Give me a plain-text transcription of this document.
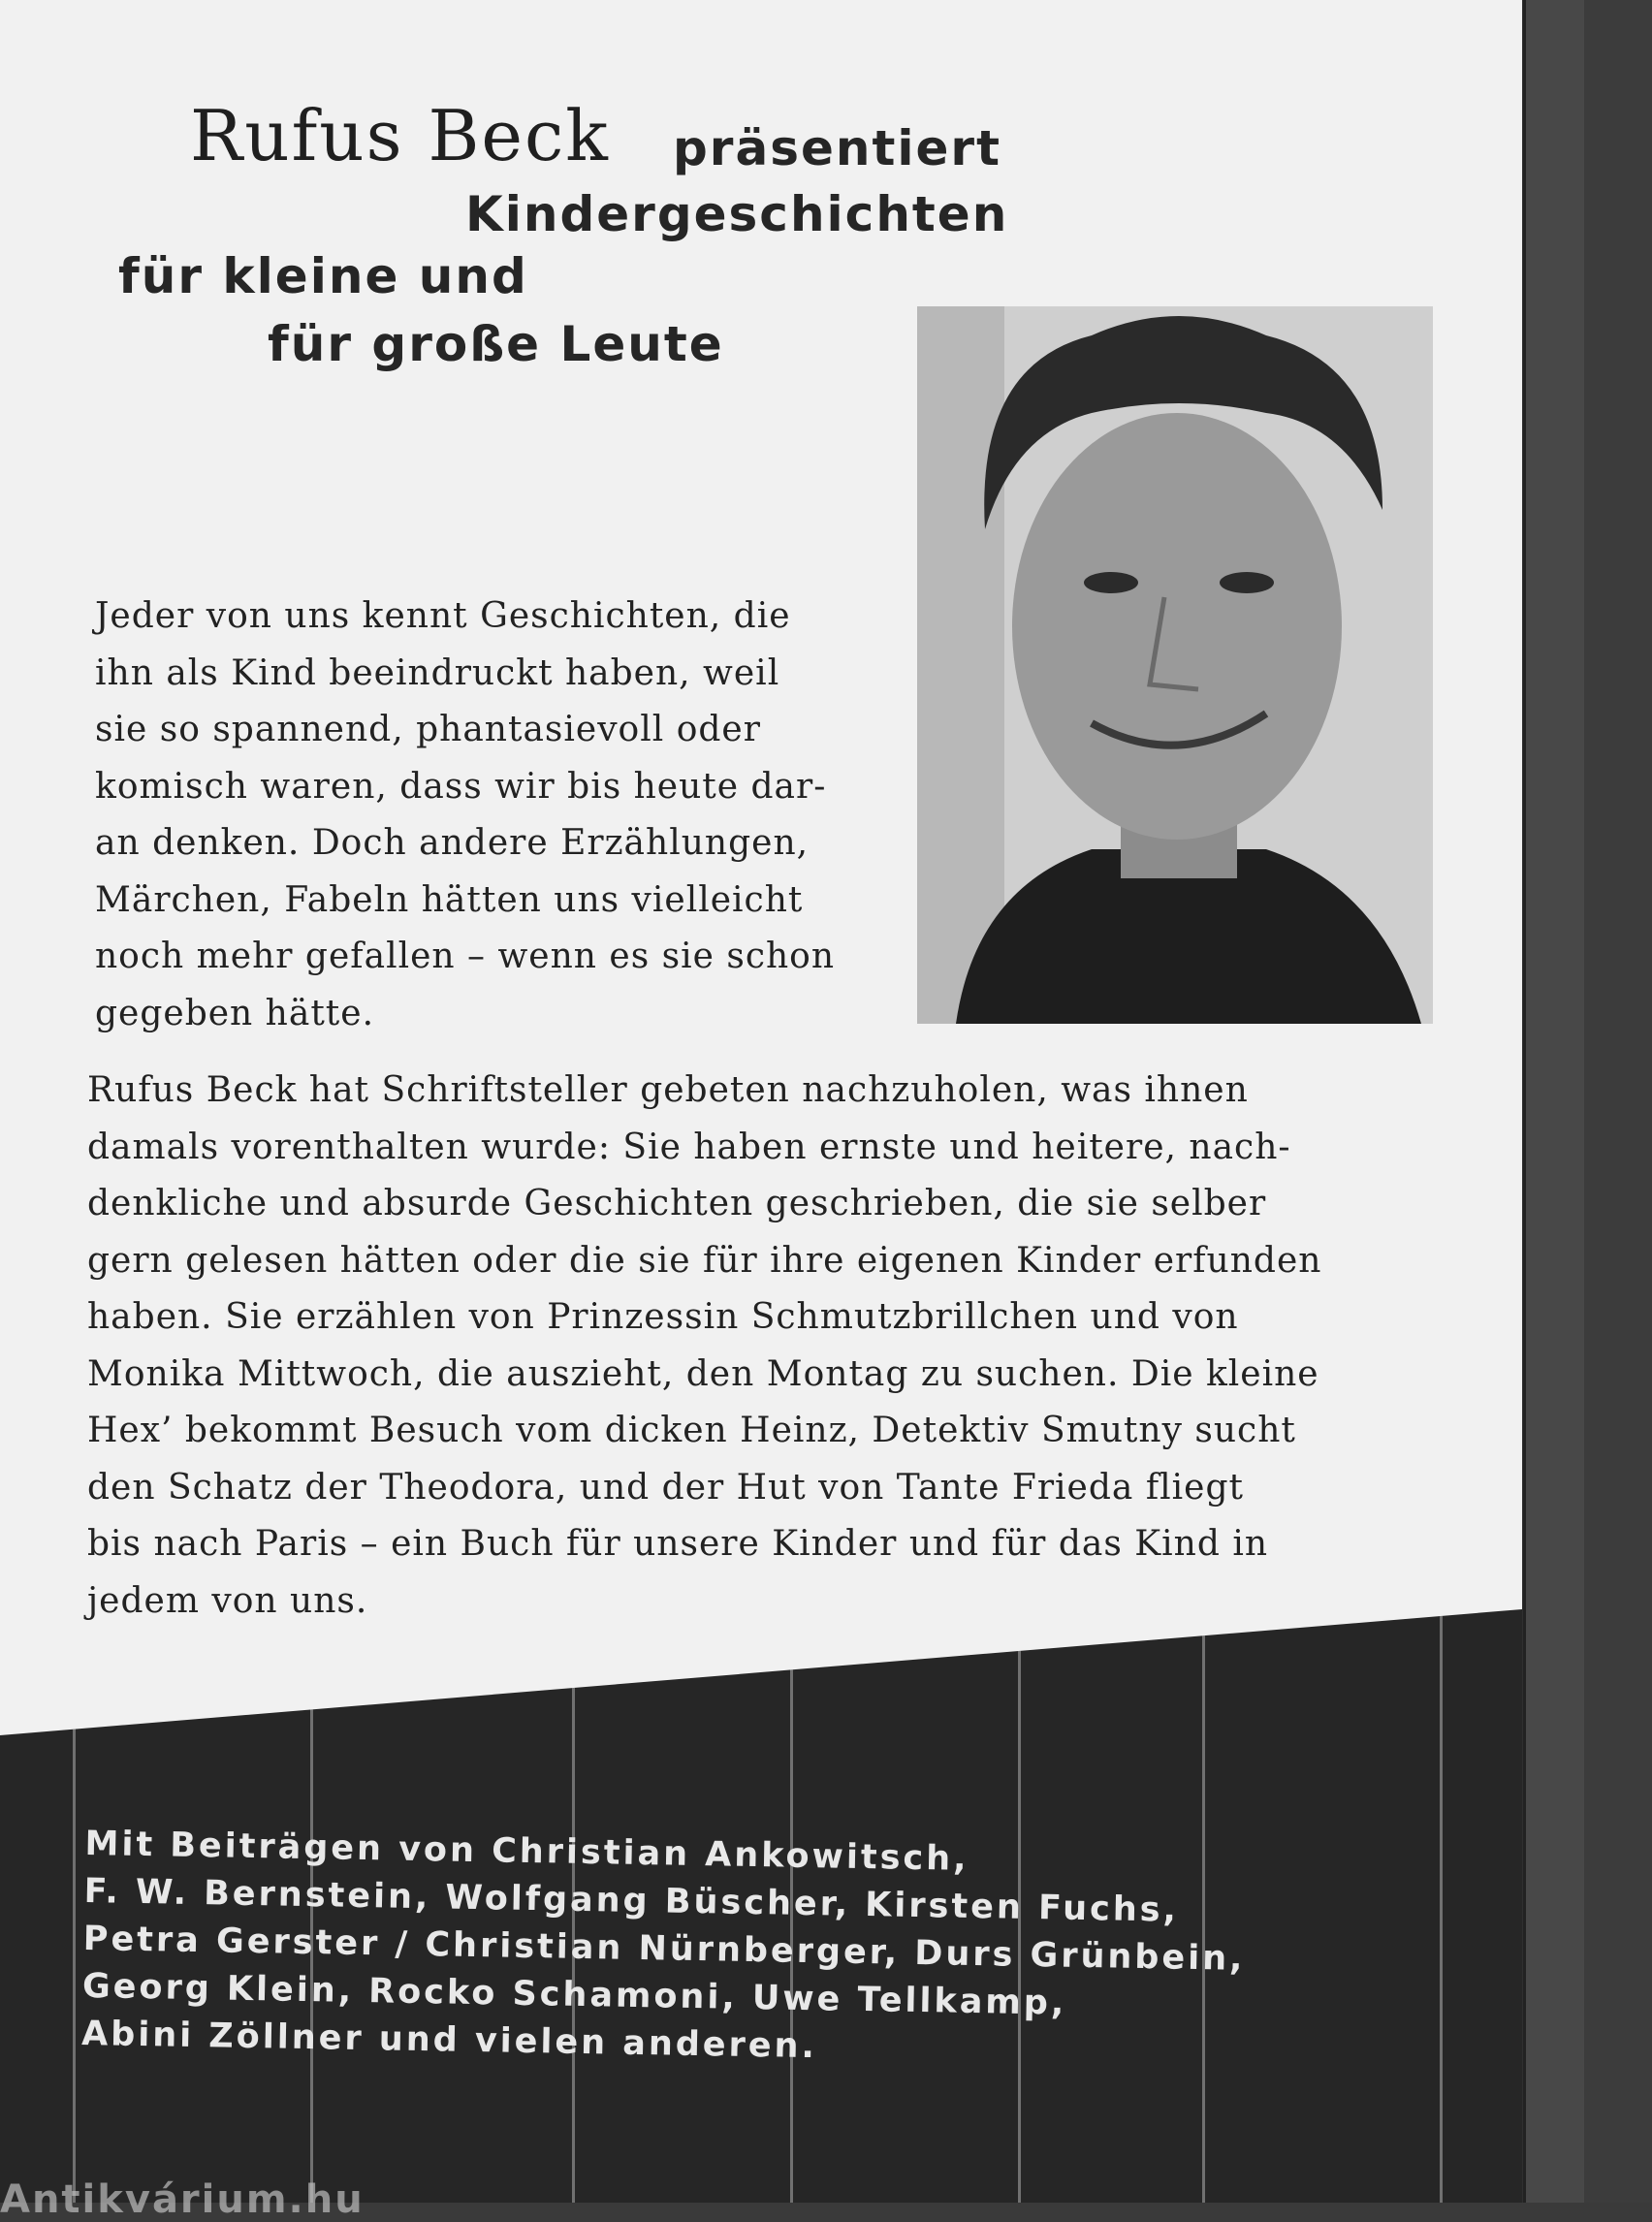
Rufus Beck präsentiert
Kindergeschichten
für kleine und
für große Leute
Jeder von uns kennt Geschichten, die
ihn als Kind beeindruckt haben, weil
sie so spannend, phantasievoll oder
komisch waren, dass wir bis heute dar-
an denken. Doch andere Erzählungen,
Märchen, Fabeln hätten uns vielleicht
noch mehr gefallen – wenn es sie schon
gegeben hätte.
Rufus Beck hat Schriftsteller gebeten nachzuholen, was ihnen
damals vorenthalten wurde: Sie haben ernste und heitere, nach-
denkliche und absurde Geschichten geschrieben, die sie selber
gern gelesen hätten oder die sie für ihre eigenen Kinder erfunden
haben. Sie erzählen von Prinzessin Schmutzbrillchen und von
Monika Mittwoch, die auszieht, den Montag zu suchen. Die kleine
Hex’ bekommt Besuch vom dicken Heinz, Detektiv Smutny sucht
den Schatz der Theodora, und der Hut von Tante Frieda fliegt
bis nach Paris – ein Buch für unsere Kinder und für das Kind in
jedem von uns.
Mit Beiträgen von Christian Ankowitsch,
F. W. Bernstein, Wolfgang Büscher, Kirsten Fuchs,
Petra Gerster / Christian Nürnberger, Durs Grünbein,
Georg Klein, Rocko Schamoni, Uwe Tellkamp,
Abini Zöllner und vielen anderen.
Antikvárium.hu
